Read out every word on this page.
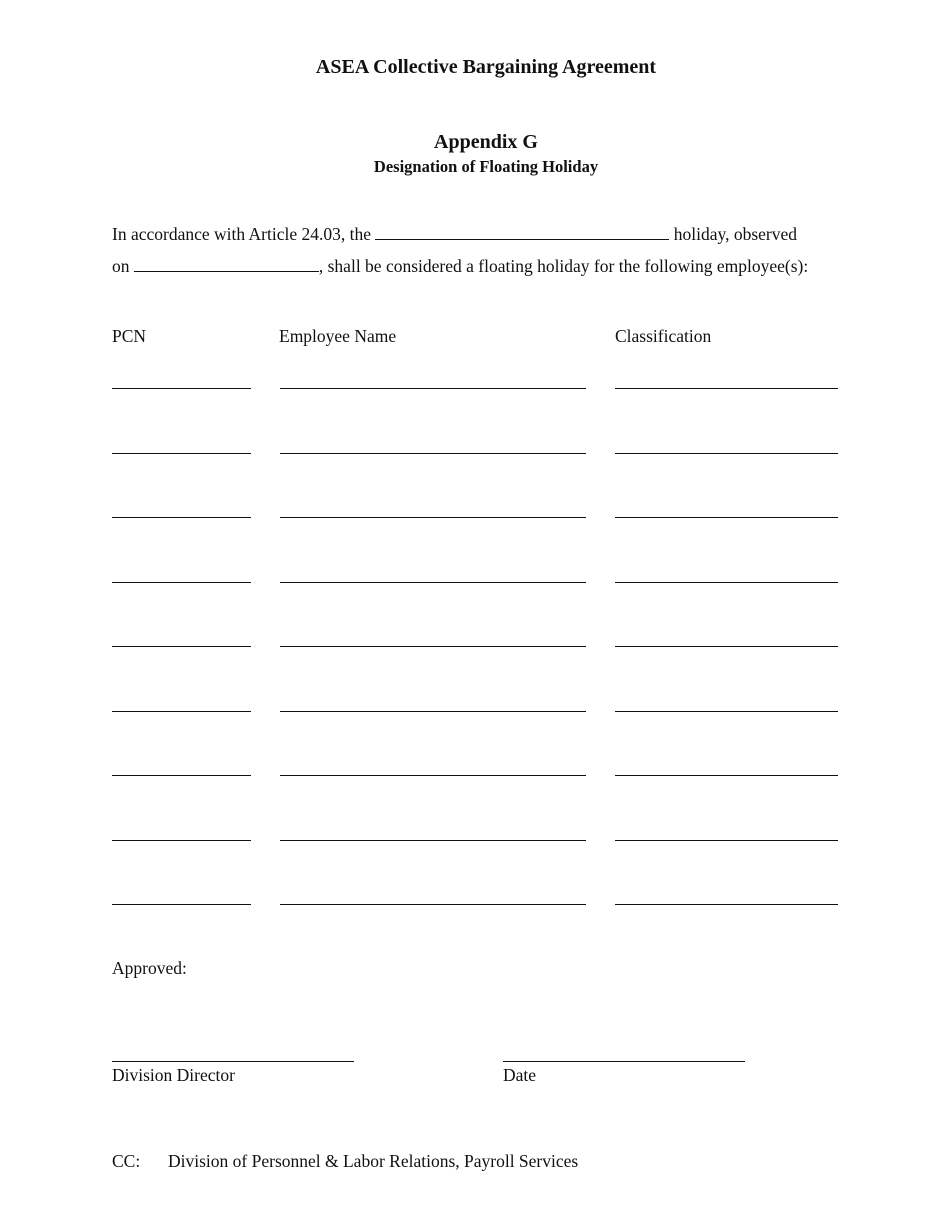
ASEA Collective Bargaining Agreement
Appendix G
Designation of Floating Holiday
In accordance with Article 24.03, the	holiday, observed
on	, shall be considered a floating holiday for the following employee(s):
PCN	Employee Name	Classification
Approved:
Division Director	Date
CC: Division of Personnel & Labor Relations, Payroll Services
